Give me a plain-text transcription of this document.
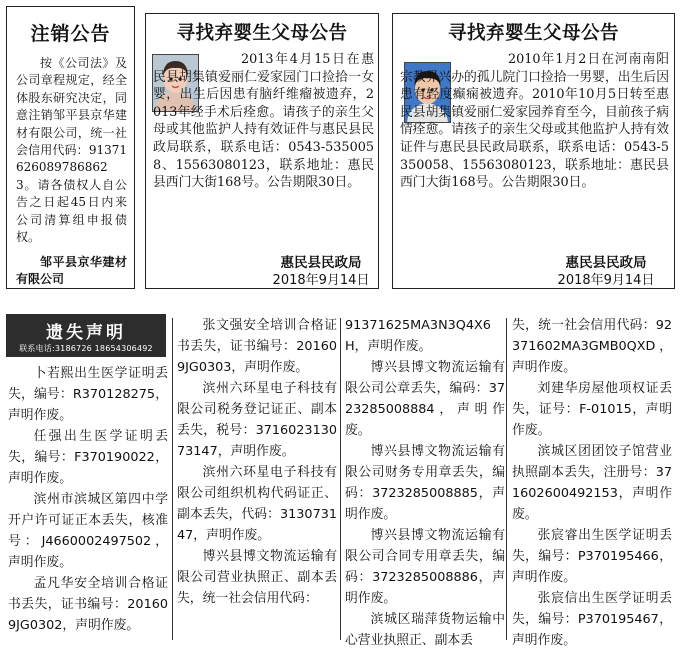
注销公告
按《公司法》及公司章程规定，经全体股东研究决定，同意注销邹平县京华建材有限公司，统一社会信用代码：913716260897868623。请各债权人自公告之日起45日内来公司清算组申报债权。
邹平县京华建材有限公司
寻找弃婴生父母公告
2013年4月15日在惠民县胡集镇爱丽仁爱家园门口捡拾一女婴，出生后因患有脑纤维瘤被遗弃，2013年经手术后痊愈。请孩子的亲生父母或其他监护人持有效证件与惠民县民政局联系，联系电话：0543-5350058、15563080123，联系地址：惠民县西门大街168号。公告期限30日。
惠民县民政局
2018年9月14日
寻找弃婴生父母公告
2010年1月2日在河南南阳宗教界兴办的孤儿院门口捡拾一男婴，出生后因患有轻度癫痫被遗弃。2010年10月5日转至惠民县胡集镇爱丽仁爱家园养育至今，目前孩子病情痊愈。请孩子的亲生父母或其他监护人持有效证件与惠民县民政局联系，联系电话：0543-5350058、15563080123，联系地址：惠民县西门大街168号。公告期限30日。
惠民县民政局
2018年9月14日
遗失声明
联系电话:3186726 18654306492
卜若熙出生医学证明丢失，编号：R370128275，声明作废。
任强出生医学证明丢失，编号：F370190022，声明作废。
滨州市滨城区第四中学开户许可证正本丢失，核准号：J4660002497502，声明作废。
孟凡华安全培训合格证书丢失，证书编号：201609JG0302，声明作废。
张文强安全培训合格证书丢失，证书编号：201609JG0303，声明作废。
滨州六环星电子科技有限公司税务登记证正、副本丢失，税号：371602313073147，声明作废。
滨州六环星电子科技有限公司组织机构代码证正、副本丢失，代码：313073147，声明作废。
博兴县博文物流运输有限公司营业执照正、副本丢失，统一社会信用代码：
91371625MA3N3Q4X6H，声明作废。
博兴县博文物流运输有限公司公章丢失，编码：3723285008884，声明作废。
博兴县博文物流运输有限公司财务专用章丢失，编码：3723285008885，声明作废。
博兴县博文物流运输有限公司合同专用章丢失，编码：3723285008886，声明作废。
滨城区瑞萍货物运输中心营业执照正、副本丢
失，统一社会信用代码：92371602MA3GMB0QXD，声明作废。
刘建华房屋他项权证丢失，证号：F-01015，声明作废。
滨城区团团饺子馆营业执照副本丢失，注册号：371602600492153，声明作废。
张宸睿出生医学证明丢失，编号：P370195466，声明作废。
张宸信出生医学证明丢失，编号：P370195467，声明作废。
